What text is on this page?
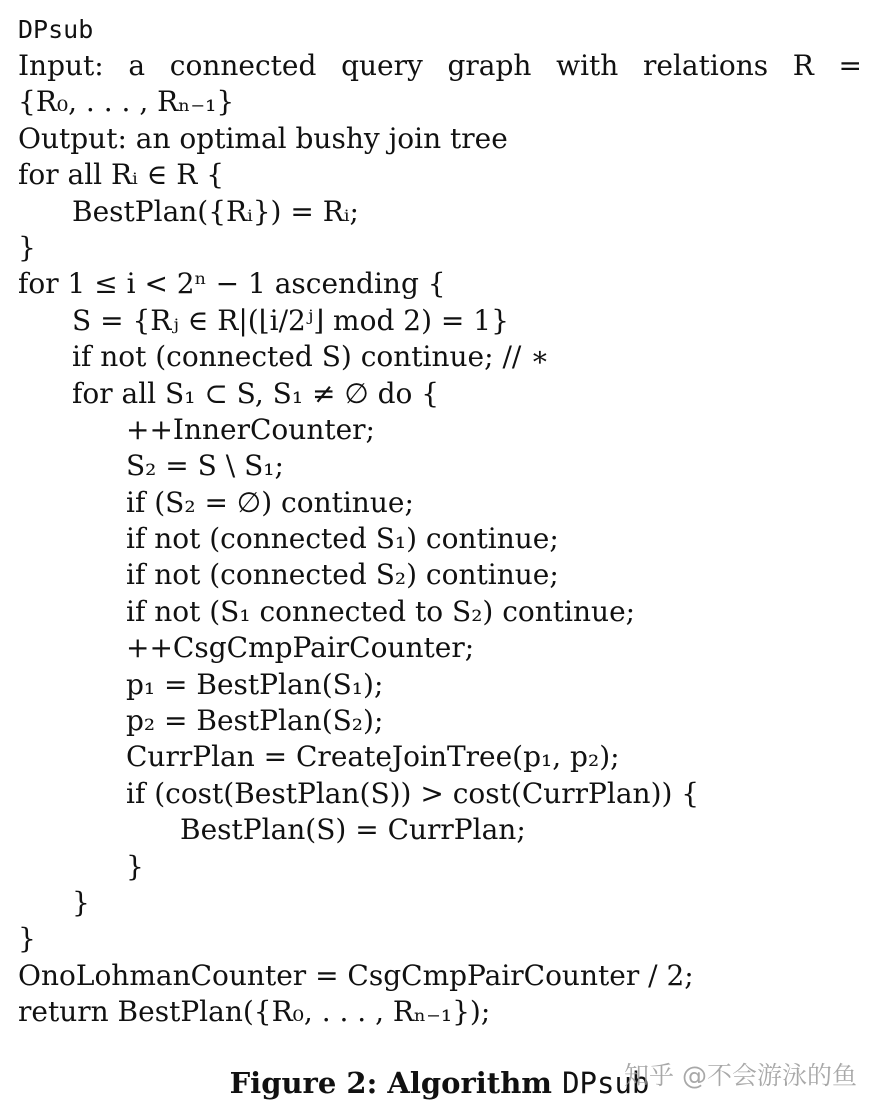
DPsub
Input: a connected query graph with relations R =
{R₀, . . . , Rₙ₋₁}
Output: an optimal bushy join tree
for all Rᵢ ∈ R {
BestPlan({Rᵢ}) = Rᵢ;
}
for 1 ≤ i < 2ⁿ − 1 ascending {
S = {Rⱼ ∈ R|(⌊i/2ʲ⌋ mod 2) = 1}
if not (connected S) continue; // ∗
for all S₁ ⊂ S, S₁ ≠ ∅ do {
++InnerCounter;
S₂ = S \ S₁;
if (S₂ = ∅) continue;
if not (connected S₁) continue;
if not (connected S₂) continue;
if not (S₁ connected to S₂) continue;
++CsgCmpPairCounter;
p₁ = BestPlan(S₁);
p₂ = BestPlan(S₂);
CurrPlan = CreateJoinTree(p₁, p₂);
if (cost(BestPlan(S)) > cost(CurrPlan)) {
BestPlan(S) = CurrPlan;
}
}
}
OnoLohmanCounter = CsgCmpPairCounter / 2;
return BestPlan({R₀, . . . , Rₙ₋₁});
Figure 2: Algorithm DPsub
知乎 @不会游泳的鱼
